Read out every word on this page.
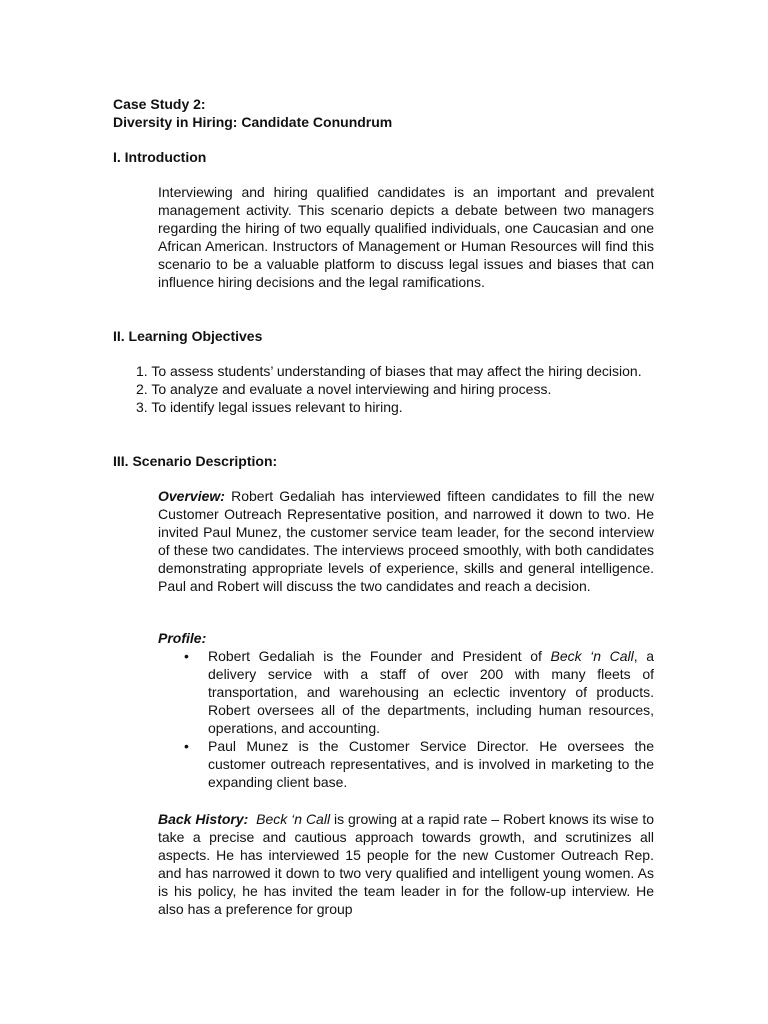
Case Study 2:
Diversity in Hiring: Candidate Conundrum
I. Introduction

Interviewing and hiring qualified candidates is an important and prevalent management activity. This scenario depicts a debate between two managers regarding the hiring of two equally qualified individuals, one Caucasian and one African American. Instructors of Management or Human Resources will find this scenario to be a valuable platform to discuss legal issues and biases that can influence hiring decisions and the legal ramifications.

II. Learning Objectives
1. To assess students’ understanding of biases that may affect the hiring decision.
2. To analyze and evaluate a novel interviewing and hiring process.
3. To identify legal issues relevant to hiring.
III. Scenario Description:

Overview: Robert Gedaliah has interviewed fifteen candidates to fill the new Customer Outreach Representative position, and narrowed it down to two. He invited Paul Munez, the customer service team leader, for the second interview of these two candidates. The interviews proceed smoothly, with both candidates demonstrating appropriate levels of experience, skills and general intelligence. Paul and Robert will discuss the two candidates and reach a decision.

Profile:
• Robert Gedaliah is the Founder and President of Beck ‘n Call, a delivery service with a staff of over 200 with many fleets of transportation, and warehousing an eclectic inventory of products. Robert oversees all of the departments, including human resources, operations, and accounting.
• Paul Munez is the Customer Service Director. He oversees the customer outreach representatives, and is involved in marketing to the expanding client base.

Back History: Beck ‘n Call is growing at a rapid rate – Robert knows its wise to take a precise and cautious approach towards growth, and scrutinizes all aspects. He has interviewed 15 people for the new Customer Outreach Rep. and has narrowed it down to two very qualified and intelligent young women. As is his policy, he has invited the team leader in for the follow-up interview. He also has a preference for group
